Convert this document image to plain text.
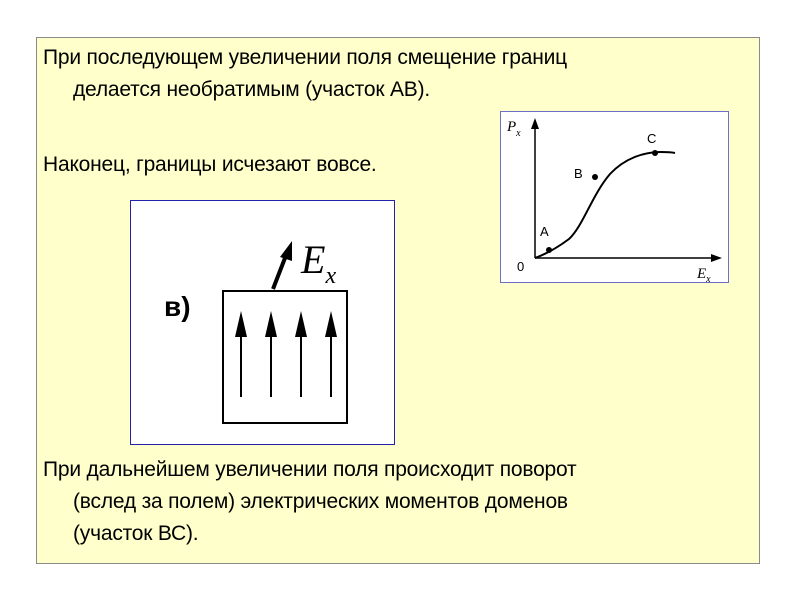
При последующем увеличении поля смещение границ
делается необратимым (участок АВ).
Наконец, границы исчезают вовсе.
A
B
C
0
$P_x$
$E_x$
в)
Ex
При дальнейшем увеличении поля происходит поворот
(вслед за полем) электрических моментов доменов
(участок ВС).
